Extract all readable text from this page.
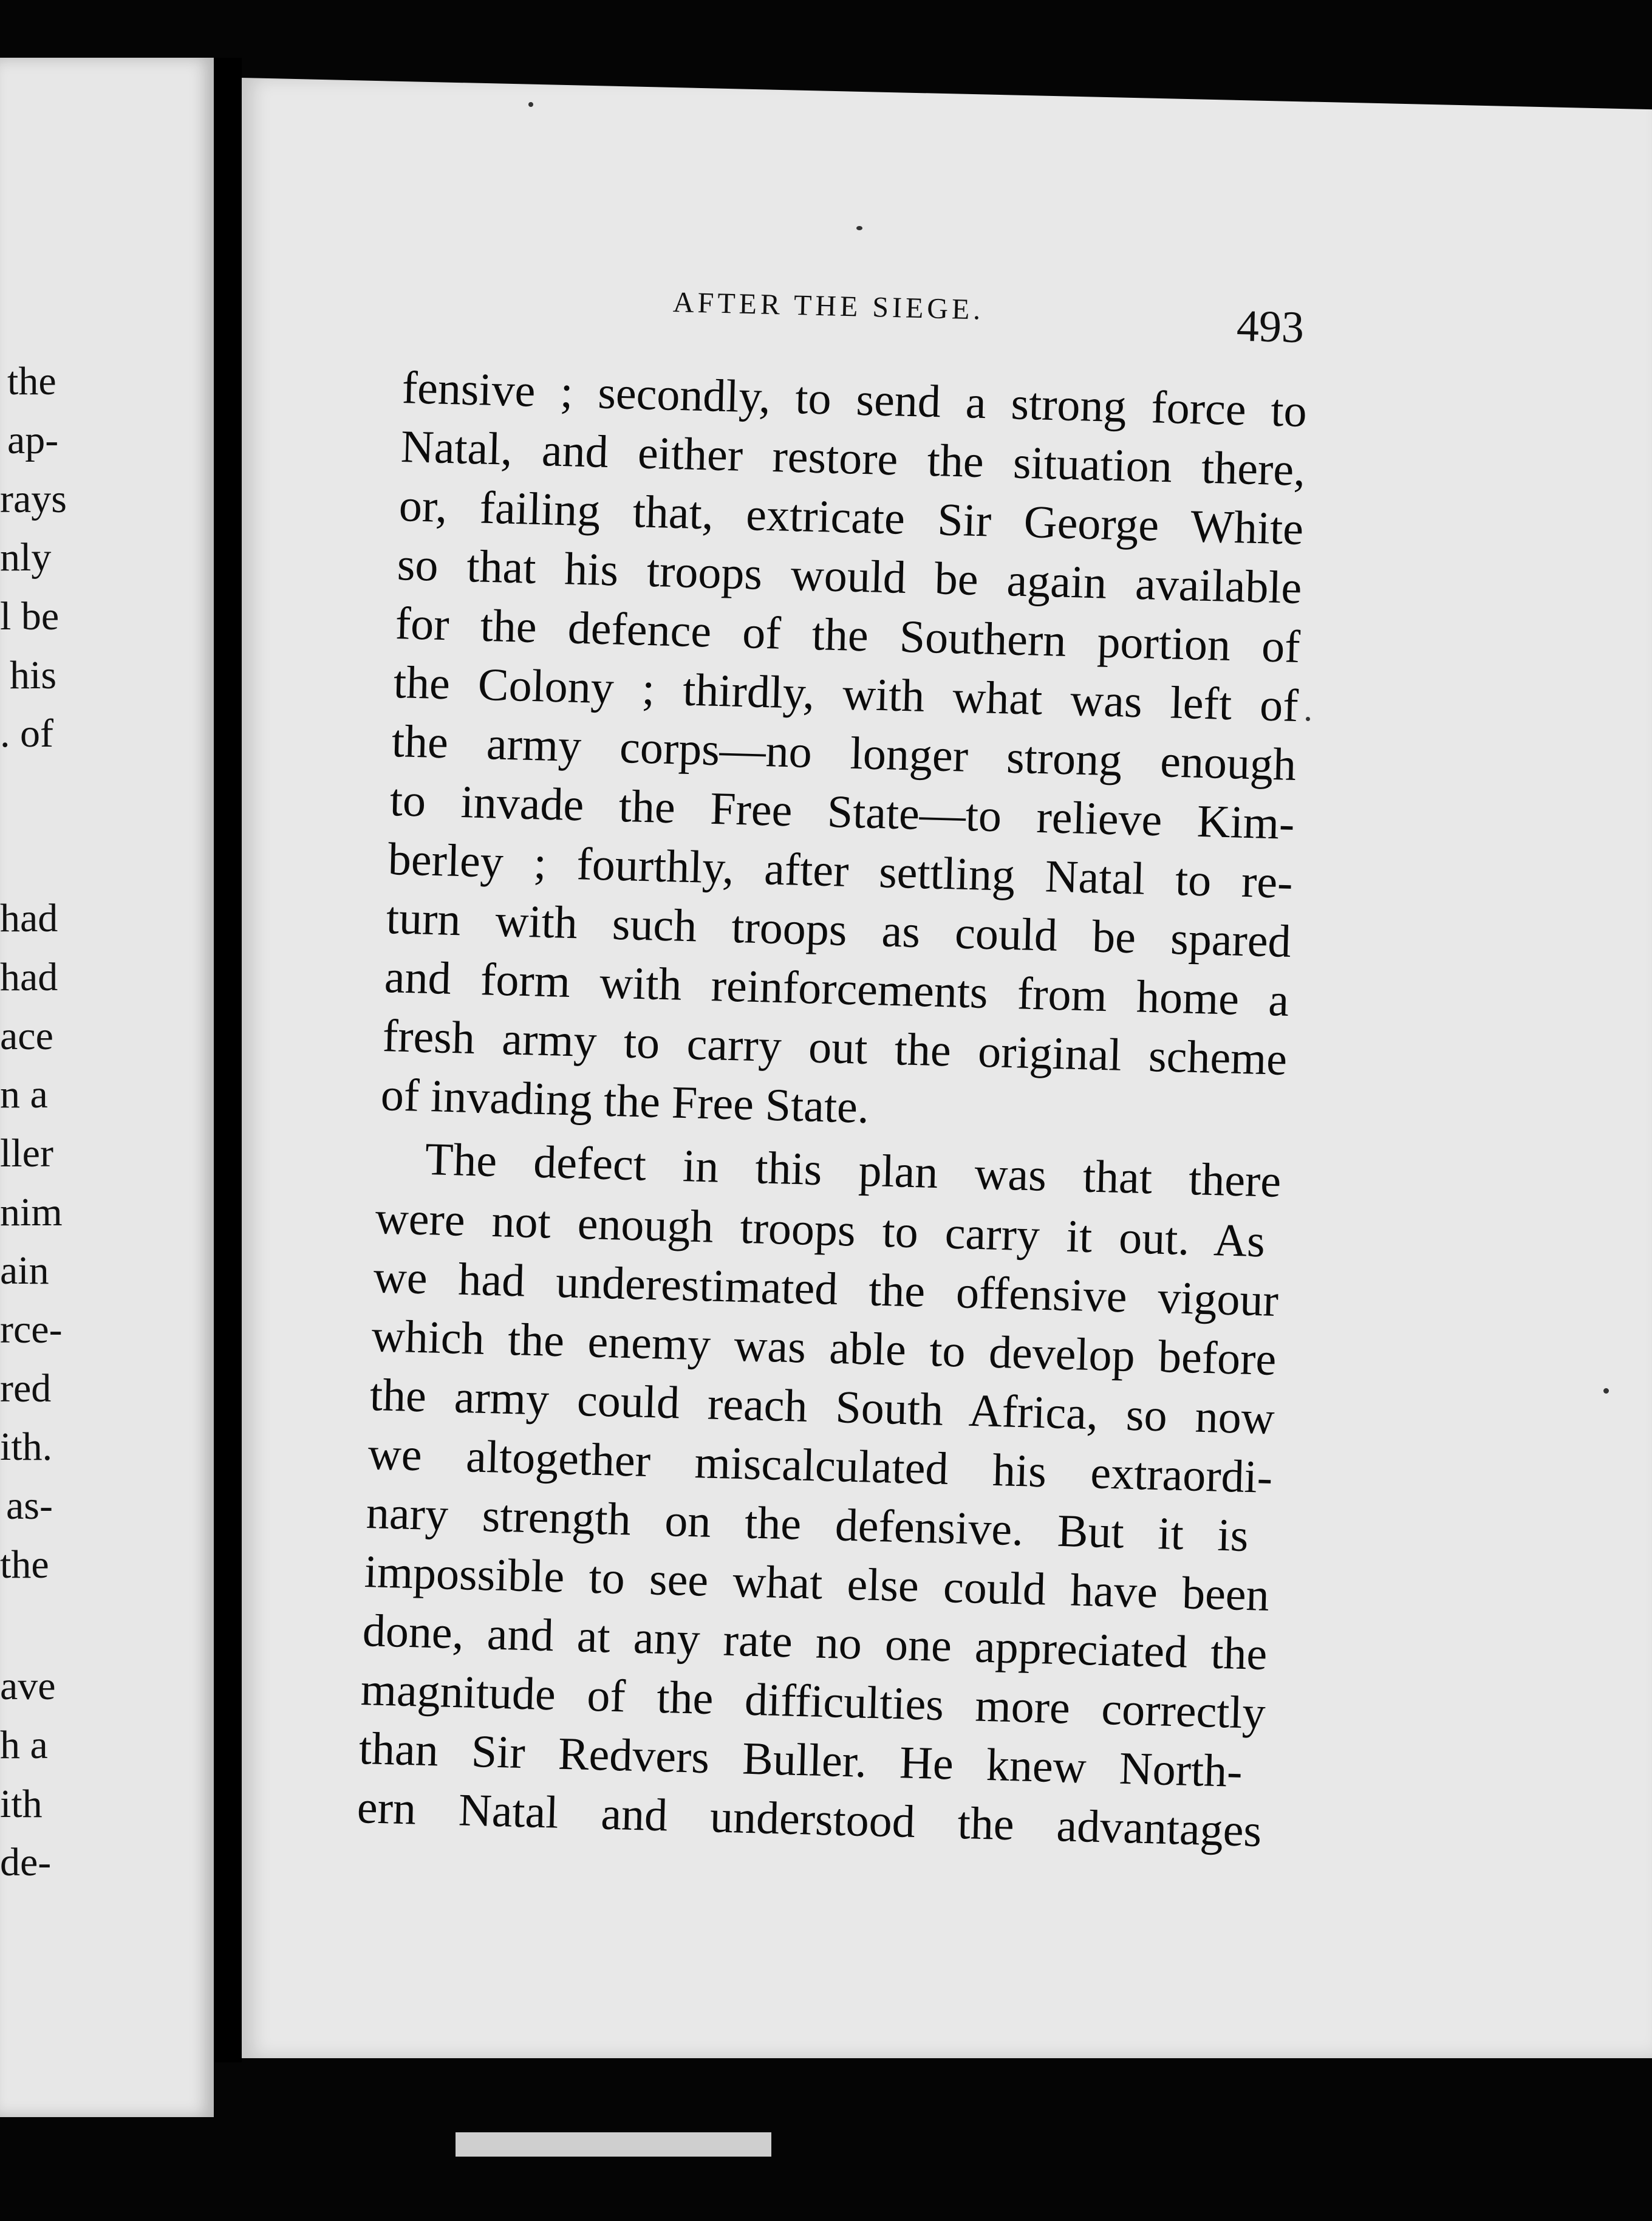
the
ap-
rays
nly
l be
his
. of
had
had
ace
n a
ller
nim
ain
rce-
red
ith.
as-
the
ave
h a
ith
de-
AFTER THE SIEGE.	493
fensive ; secondly, to send a strong force to
Natal, and either restore the situation there,
or, failing that, extricate Sir George White
so that his troops would be again available
for the defence of the Southern portion of
the Colony ; thirdly, with what was left of
the army corps—no longer strong enough
to invade the Free State—to relieve Kim-
berley ; fourthly, after settling Natal to re-
turn with such troops as could be spared
and form with reinforcements from home a
fresh army to carry out the original scheme
of invading the Free State.
The defect in this plan was that there
were not enough troops to carry it out. As
we had underestimated the offensive vigour
which the enemy was able to develop before
the army could reach South Africa, so now
we altogether miscalculated his extraordi-
nary strength on the defensive. But it is
impossible to see what else could have been
done, and at any rate no one appreciated the
magnitude of the difficulties more correctly
than Sir Redvers Buller. He knew North-
ern Natal and understood the advantages
